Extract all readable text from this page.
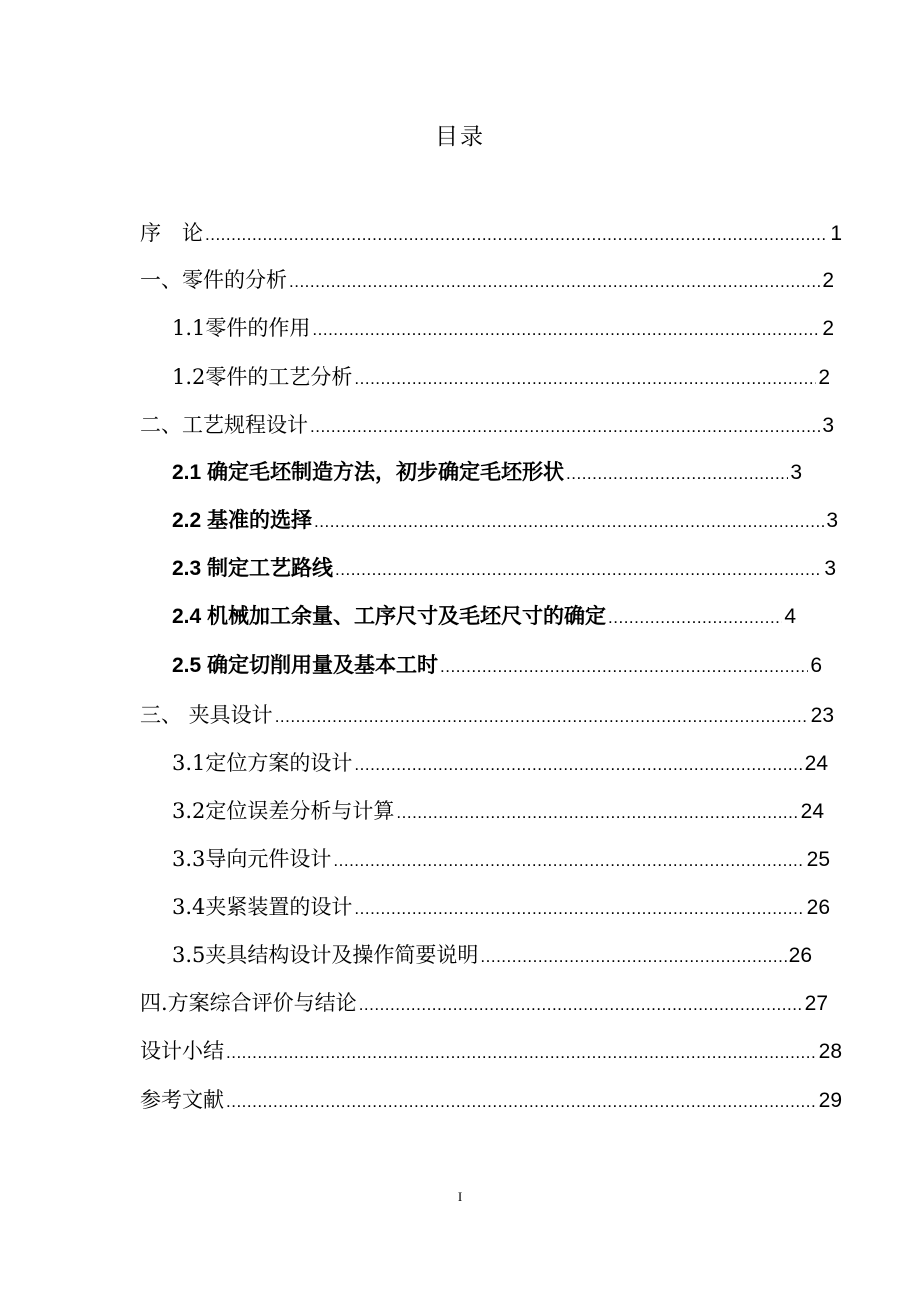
目录
序　论 .....	1
一、零件的分析 .....	2
1.1零件的作用 .....	2
1.2零件的工艺分析 .....	2
二、工艺规程设计 .....	3
2.1 确定毛坯制造方法，初步确定毛坯形状 .....	3
2.2 基准的选择 .....	3
2.3 制定工艺路线 .....	3
2.4 机械加工余量、工序尺寸及毛坯尺寸的确定 .....	4
2.5 确定切削用量及基本工时 .....	6
三、 夹具设计 .....	23
3.1定位方案的设计 .....	24
3.2定位误差分析与计算 .....	24
3.3导向元件设计 .....	25
3.4夹紧装置的设计 .....	26
3.5夹具结构设计及操作简要说明 .....	26
四.方案综合评价与结论 .....	27
设计小结 .....	28
参考文献 .....	29
I
